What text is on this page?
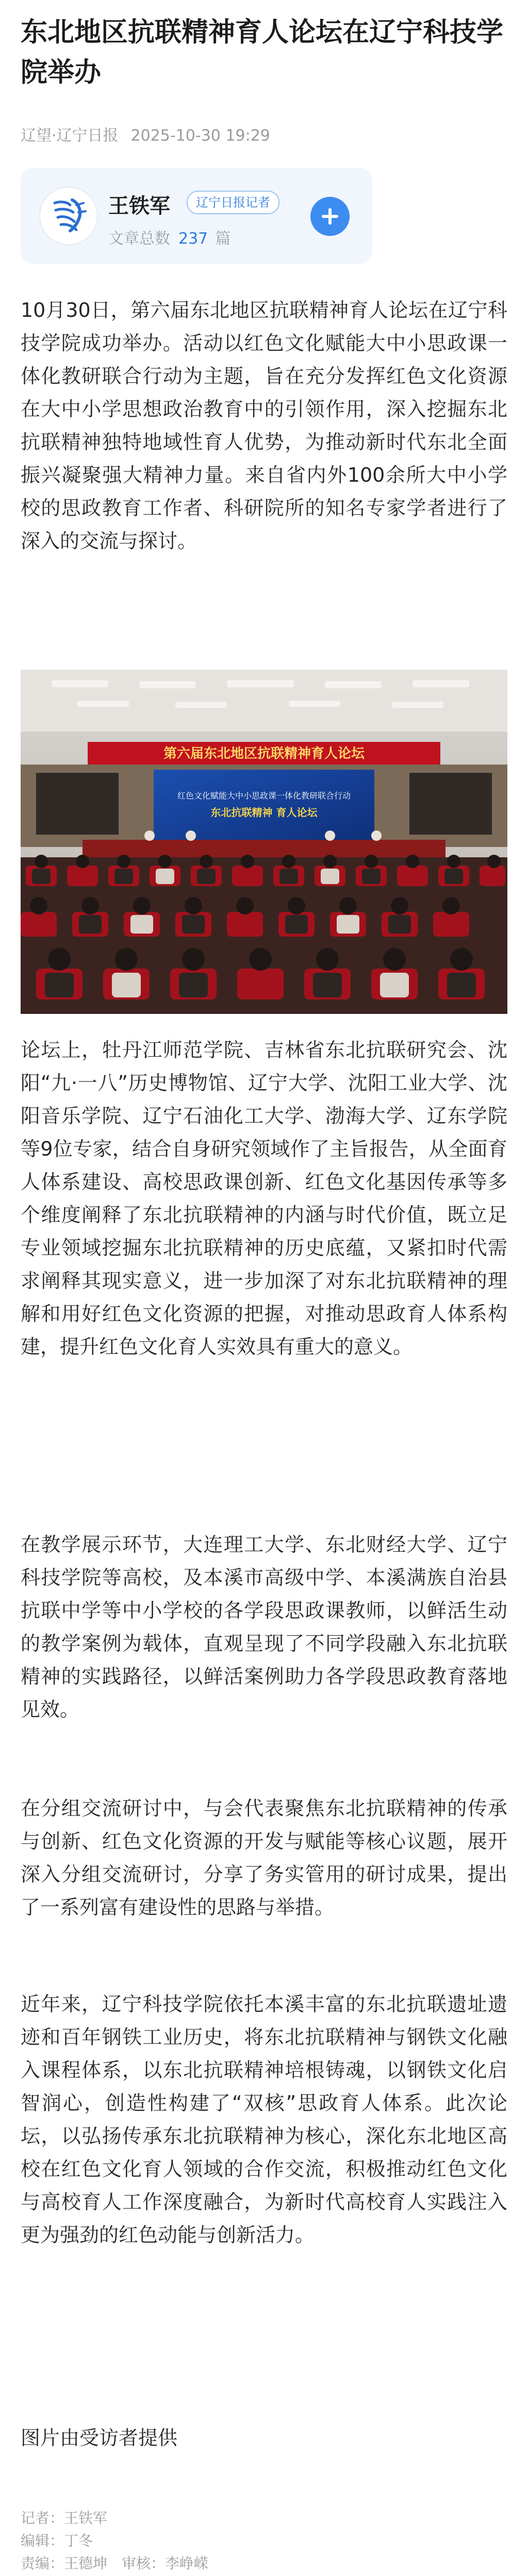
东北地区抗联精神育人论坛在辽宁科技学院举办
辽望·辽宁日报 2025-10-30 19:29
王铁军	辽宁日报记者
文章总数 237 篇

10月30日，第六届东北地区抗联精神育人论坛在辽宁科技学院成功举办。活动以红色文化赋能大中小思政课一体化教研联合行动为主题，旨在充分发挥红色文化资源在大中小学思想政治教育中的引领作用，深入挖掘东北抗联精神独特地域性育人优势，为推动新时代东北全面振兴凝聚强大精神力量。来自省内外100余所大中小学校的思政教育工作者、科研院所的知名专家学者进行了深入的交流与探讨。

第六届东北地区抗联精神育人论坛
红色文化赋能大中小思政课一体化教研联合行动
东北抗联精神 育人论坛

论坛上，牡丹江师范学院、吉林省东北抗联研究会、沈阳“九·一八”历史博物馆、辽宁大学、沈阳工业大学、沈阳音乐学院、辽宁石油化工大学、渤海大学、辽东学院等9位专家，结合自身研究领域作了主旨报告，从全面育人体系建设、高校思政课创新、红色文化基因传承等多个维度阐释了东北抗联精神的内涵与时代价值，既立足专业领域挖掘东北抗联精神的历史底蕴，又紧扣时代需求阐释其现实意义，进一步加深了对东北抗联精神的理解和用好红色文化资源的把握，对推动思政育人体系构建，提升红色文化育人实效具有重大的意义。

在教学展示环节，大连理工大学、东北财经大学、辽宁科技学院等高校，及本溪市高级中学、本溪满族自治县抗联中学等中小学校的各学段思政课教师，以鲜活生动的教学案例为载体，直观呈现了不同学段融入东北抗联精神的实践路径，以鲜活案例助力各学段思政教育落地见效。

在分组交流研讨中，与会代表聚焦东北抗联精神的传承与创新、红色文化资源的开发与赋能等核心议题，展开深入分组交流研讨，分享了务实管用的研讨成果，提出了一系列富有建设性的思路与举措。

近年来，辽宁科技学院依托本溪丰富的东北抗联遗址遗迹和百年钢铁工业历史，将东北抗联精神与钢铁文化融入课程体系，以东北抗联精神培根铸魂，以钢铁文化启智润心，创造性构建了“双核”思政育人体系。此次论坛，以弘扬传承东北抗联精神为核心，深化东北地区高校在红色文化育人领域的合作交流，积极推动红色文化与高校育人工作深度融合，为新时代高校育人实践注入更为强劲的红色动能与创新活力。

图片由受访者提供

记者：王铁军
编辑：丁冬
责编：王德坤 审核：李峥嵘
